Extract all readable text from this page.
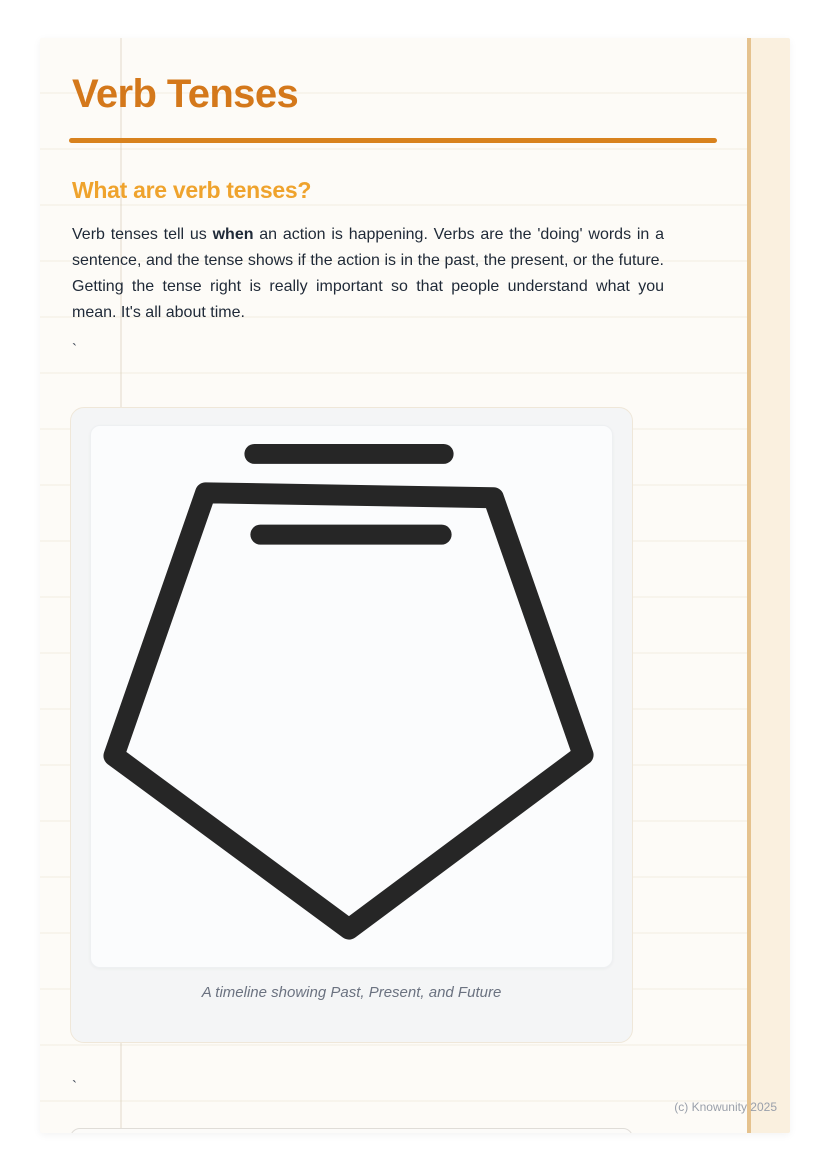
Verb Tenses
What are verb tenses?

Verb tenses tell us when an action is happening. Verbs are the 'doing' words in a sentence, and the tense shows if the action is in the past, the present, or the future. Getting the tense right is really important so that people understand what you mean. It's all about time.

`
A timeline showing Past, Present, and Future
`
(c) Knowunity 2025
